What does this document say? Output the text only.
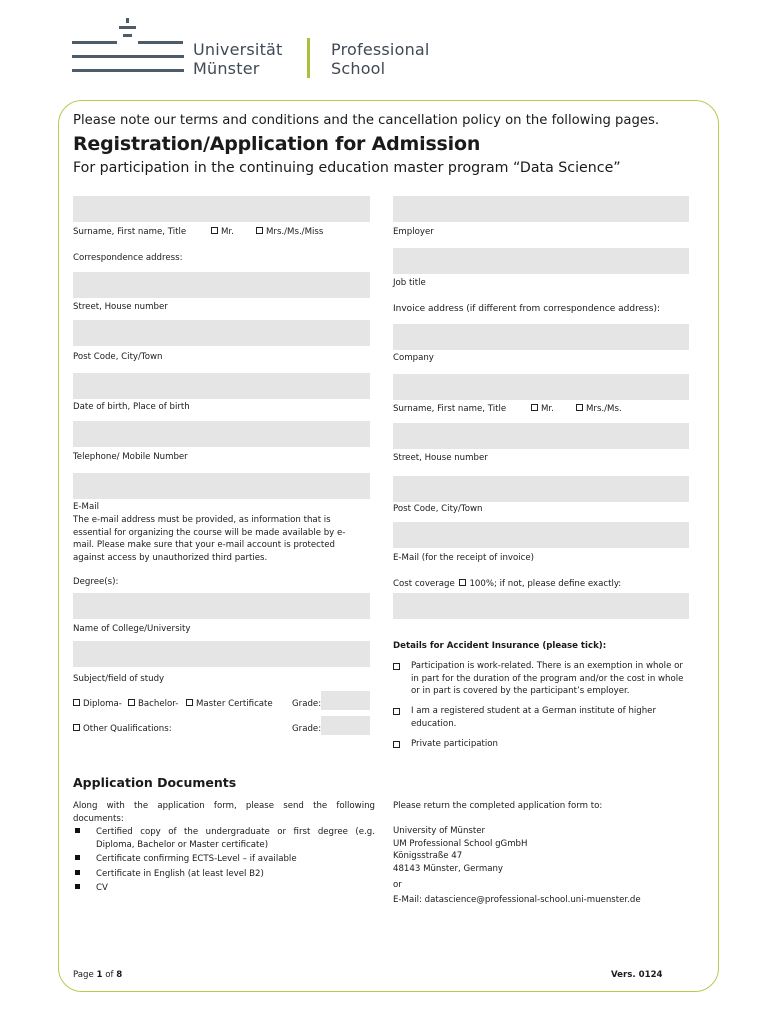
Universität
Münster
Professional
School
Please note our terms and conditions and the cancellation policy on the following pages.
Registration/Application for Admission
For participation in the continuing education master program “Data Science”
Surname, First name, Title	Mr.	Mrs./Ms./Miss
Correspondence address:
Street, House number
Post Code, City/Town
Date of birth, Place of birth
Telephone/ Mobile Number
E-Mail
The e-mail address must be provided, as information that is essential for organizing the course will be made available by e-mail. Please make sure that your e-mail account is protected against access by unauthorized third parties.
Degree(s):
Name of College/University
Subject/field of study
Diploma-	Bachelor-	Master Certificate Grade:
Other Qualifications:	Grade:
Employer
Job title
Invoice address (if different from correspondence address):
Company
Surname, First name, Title	Mr.	Mrs./Ms.
Street, House number
Post Code, City/Town
E-Mail (for the receipt of invoice)
Cost coverage 100%; if not, please define exactly:
Details for Accident Insurance (please tick):
Participation is work-related. There is an exemption in whole or in part for the duration of the program and/or the cost in whole or in part is covered by the participant’s employer.
I am a registered student at a German institute of higher education.
Private participation
Application Documents
Along with the application form, please send the following documents:
Certified copy of the undergraduate or first degree (e.g. Diploma, Bachelor or Master certificate)
Certificate confirming ECTS-Level – if available
Certificate in English (at least level B2)
CV
Please return the completed application form to:
University of Münster
UM Professional School gGmbH
Königsstraße 47
48143 Münster, Germany
or
E-Mail: datascience@professional-school.uni-muenster.de
Page 1 of 8	Vers. 0124
